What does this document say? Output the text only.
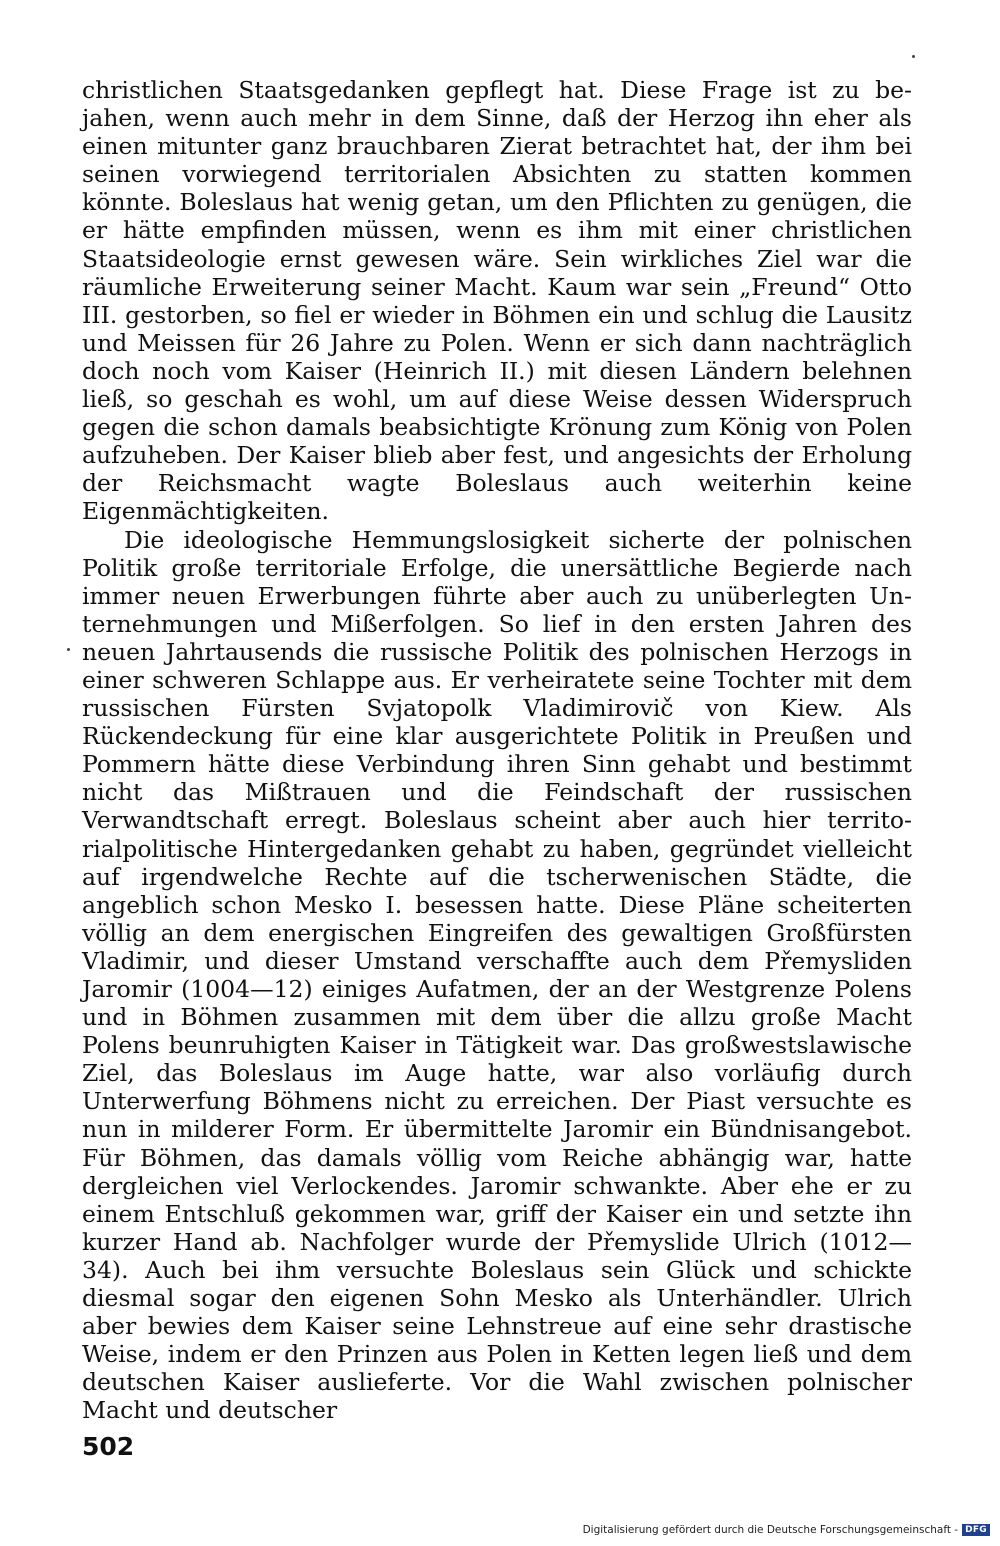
christlichen Staatsgedanken gepflegt hat. Diese Frage ist zu bejahen, wenn auch mehr in dem Sinne, daß der Herzog ihn eher als einen mitunter ganz brauchbaren Zierat betrachtet hat, der ihm bei seinen vorwiegend territorialen Absichten zu statten kommen könnte. Boleslaus hat wenig getan, um den Pflichten zu genügen, die er hätte empfinden müssen, wenn es ihm mit einer christlichen Staatsideologie ernst gewesen wäre. Sein wirkliches Ziel war die räumliche Erweiterung seiner Macht. Kaum war sein „Freund“ Otto III. gestorben, so fiel er wieder in Böhmen ein und schlug die Lausitz und Meissen für 26 Jahre zu Polen. Wenn er sich dann nachträglich doch noch vom Kaiser (Heinrich II.) mit diesen Ländern belehnen ließ, so geschah es wohl, um auf diese Weise dessen Widerspruch gegen die schon damals beabsichtigte Krönung zum König von Polen aufzuheben. Der Kaiser blieb aber fest, und angesichts der Erholung der Reichsmacht wagte Boleslaus auch weiterhin keine Eigenmächtigkeiten.

Die ideologische Hemmungslosigkeit sicherte der polnischen Politik große territoriale Erfolge, die unersättliche Begierde nach immer neuen Erwerbungen führte aber auch zu unüberlegten Unternehmungen und Mißerfolgen. So lief in den ersten Jahren des neuen Jahrtausends die russische Politik des polnischen Herzogs in einer schweren Schlappe aus. Er verheiratete seine Tochter mit dem russischen Fürsten Svjatopolk Vladimirovič von Kiew. Als Rückendeckung für eine klar ausgerichtete Politik in Preußen und Pommern hätte diese Verbindung ihren Sinn gehabt und bestimmt nicht das Mißtrauen und die Feindschaft der russischen Verwandtschaft erregt. Boleslaus scheint aber auch hier territorialpolitische Hintergedanken gehabt zu haben, gegründet vielleicht auf irgendwelche Rechte auf die tscherwenischen Städte, die angeblich schon Mesko I. besessen hatte. Diese Pläne scheiterten völlig an dem energischen Eingreifen des gewaltigen Großfürsten Vladimir, und dieser Umstand verschaffte auch dem Přemysliden Jaromir (1004—12) einiges Aufatmen, der an der Westgrenze Polens und in Böhmen zusammen mit dem über die allzu große Macht Polens beunruhigten Kaiser in Tätigkeit war. Das großwestslawische Ziel, das Boleslaus im Auge hatte, war also vorläufig durch Unterwerfung Böhmens nicht zu erreichen. Der Piast versuchte es nun in milderer Form. Er übermittelte Jaromir ein Bündnisangebot. Für Böhmen, das damals völlig vom Reiche abhängig war, hatte dergleichen viel Verlockendes. Jaromir schwankte. Aber ehe er zu einem Entschluß gekommen war, griff der Kaiser ein und setzte ihn kurzer Hand ab. Nachfolger wurde der Přemyslide Ulrich (1012—34). Auch bei ihm versuchte Boleslaus sein Glück und schickte diesmal sogar den eigenen Sohn Mesko als Unterhändler. Ulrich aber bewies dem Kaiser seine Lehnstreue auf eine sehr drastische Weise, indem er den Prinzen aus Polen in Ketten legen ließ und dem deutschen Kaiser auslieferte. Vor die Wahl zwischen polnischer Macht und deutscher

502
Digitalisierung gefördert durch die Deutsche Forschungsgemeinschaft - DFG
